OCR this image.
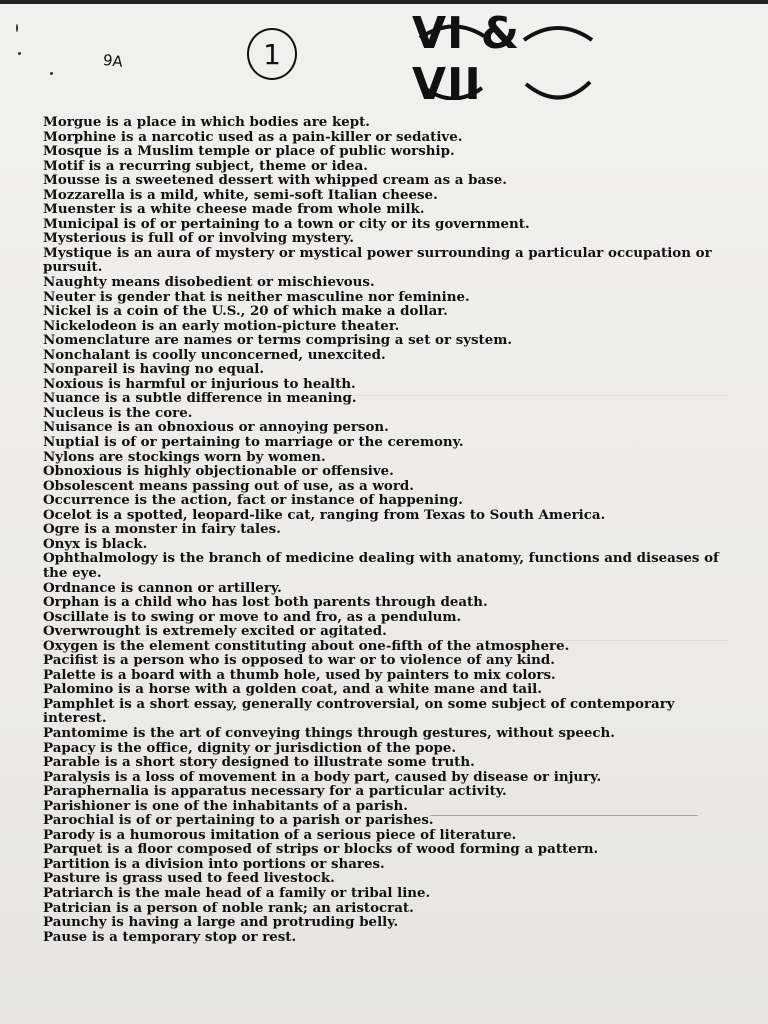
9A	1	VI & VII

Morgue is a place in which bodies are kept.

Morphine is a narcotic used as a pain-killer or sedative.

Mosque is a Muslim temple or place of public worship.

Motif is a recurring subject, theme or idea.

Mousse is a sweetened dessert with whipped cream as a base.

Mozzarella is a mild, white, semi-soft Italian cheese.

Muenster is a white cheese made from whole milk.

Municipal is of or pertaining to a town or city or its government.

Mysterious is full of or involving mystery.

Mystique is an aura of mystery or mystical power surrounding a particular occupation or pursuit.

Naughty means disobedient or mischievous.

Neuter is gender that is neither masculine nor feminine.

Nickel is a coin of the U.S., 20 of which make a dollar.

Nickelodeon is an early motion-picture theater.

Nomenclature are names or terms comprising a set or system.

Nonchalant is coolly unconcerned, unexcited.

Nonpareil is having no equal.

Noxious is harmful or injurious to health.

Nuance is a subtle difference in meaning.

Nucleus is the core.

Nuisance is an obnoxious or annoying person.

Nuptial is of or pertaining to marriage or the ceremony.

Nylons are stockings worn by women.

Obnoxious is highly objectionable or offensive.

Obsolescent means passing out of use, as a word.

Occurrence is the action, fact or instance of happening.

Ocelot is a spotted, leopard-like cat, ranging from Texas to South America.

Ogre is a monster in fairy tales.

Onyx is black.

Ophthalmology is the branch of medicine dealing with anatomy, functions and diseases of the eye.

Ordnance is cannon or artillery.

Orphan is a child who has lost both parents through death.

Oscillate is to swing or move to and fro, as a pendulum.

Overwrought is extremely excited or agitated.

Oxygen is the element constituting about one-fifth of the atmosphere.

Pacifist is a person who is opposed to war or to violence of any kind.

Palette is a board with a thumb hole, used by painters to mix colors.

Palomino is a horse with a golden coat, and a white mane and tail.

Pamphlet is a short essay, generally controversial, on some subject of contemporary interest.

Pantomime is the art of conveying things through gestures, without speech.

Papacy is the office, dignity or jurisdiction of the pope.

Parable is a short story designed to illustrate some truth.

Paralysis is a loss of movement in a body part, caused by disease or injury.

Paraphernalia is apparatus necessary for a particular activity.

Parishioner is one of the inhabitants of a parish.

Parochial is of or pertaining to a parish or parishes.

Parody is a humorous imitation of a serious piece of literature.

Parquet is a floor composed of strips or blocks of wood forming a pattern.

Partition is a division into portions or shares.

Pasture is grass used to feed livestock.

Patriarch is the male head of a family or tribal line.

Patrician is a person of noble rank; an aristocrat.

Paunchy is having a large and protruding belly.

Pause is a temporary stop or rest.
